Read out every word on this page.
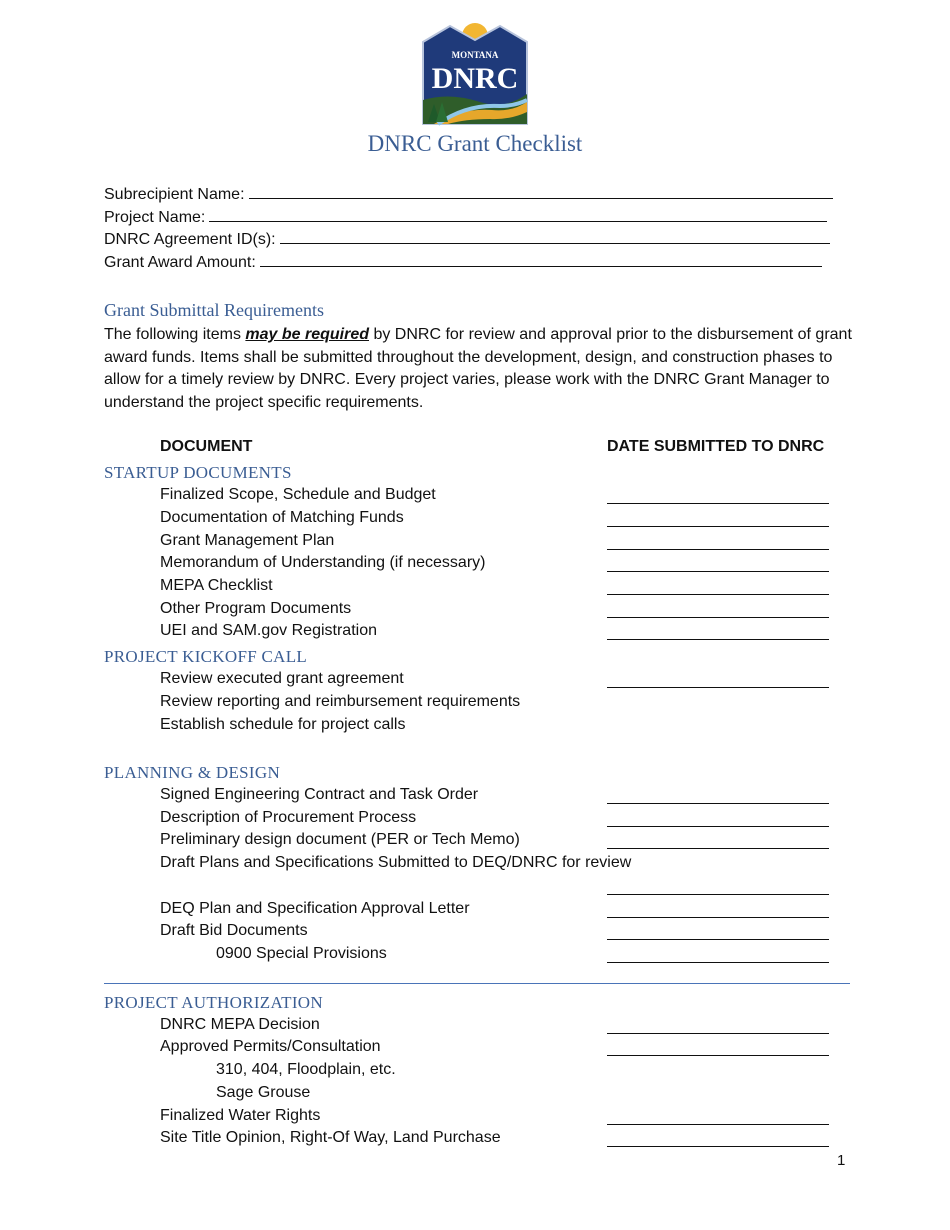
MONTANA
DNRC
DNRC Grant Checklist
Subrecipient Name:
Project Name:
DNRC Agreement ID(s):
Grant Award Amount:
Grant Submittal Requirements
The following items may be required by DNRC for review and approval prior to the disbursement of grant award funds. Items shall be submitted throughout the development, design, and construction phases to allow for a timely review by DNRC. Every project varies, please work with the DNRC Grant Manager to understand the project specific requirements.
DOCUMENT	DATE SUBMITTED TO DNRC
STARTUP DOCUMENTS
Finalized Scope, Schedule and Budget
Documentation of Matching Funds
Grant Management Plan
Memorandum of Understanding (if necessary)
MEPA Checklist
Other Program Documents
UEI and SAM.gov Registration
PROJECT KICKOFF CALL
Review executed grant agreement
Review reporting and reimbursement requirements
Establish schedule for project calls
PLANNING & DESIGN
Signed Engineering Contract and Task Order
Description of Procurement Process
Preliminary design document (PER or Tech Memo)
Draft Plans and Specifications Submitted to DEQ/DNRC for review
DEQ Plan and Specification Approval Letter
Draft Bid Documents
0900 Special Provisions
PROJECT AUTHORIZATION
DNRC MEPA Decision
Approved Permits/Consultation
310, 404, Floodplain, etc.
Sage Grouse
Finalized Water Rights
Site Title Opinion, Right-Of Way, Land Purchase
1
